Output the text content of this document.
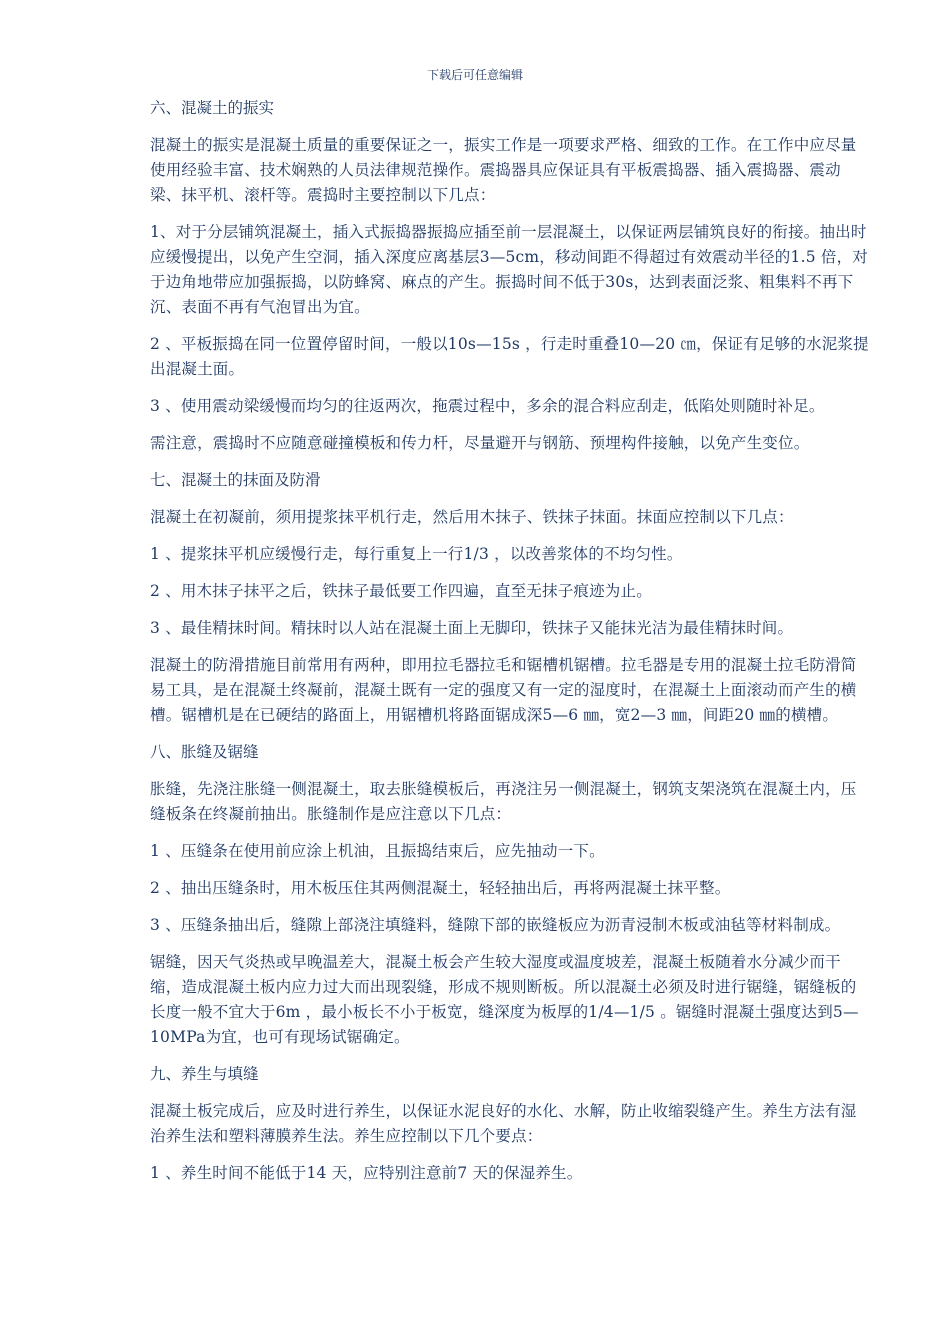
下载后可任意编辑

六、混凝土的振实

混凝土的振实是混凝土质量的重要保证之一，振实工作是一项要求严格、细致的工作。在工作中应尽量使用经验丰富、技术娴熟的人员法律规范操作。震捣器具应保证具有平板震捣器、插入震捣器、震动梁、抹平机、滚杆等。震捣时主要控制以下几点：

1、对于分层铺筑混凝土，插入式振捣器振捣应插至前一层混凝土，以保证两层铺筑良好的衔接。抽出时应缓慢提出，以免产生空洞，插入深度应离基层3—5cm，移动间距不得超过有效震动半径的1.5 倍，对于边角地带应加强振捣，以防蜂窝、麻点的产生。振捣时间不低于30s，达到表面泛浆、粗集料不再下沉、表面不再有气泡冒出为宜。

2 、平板振捣在同一位置停留时间，一般以10s—15s ，行走时重叠10—20 ㎝，保证有足够的水泥浆提出混凝土面。

3 、使用震动梁缓慢而均匀的往返两次，拖震过程中，多余的混合料应刮走，低陷处则随时补足。

需注意，震捣时不应随意碰撞模板和传力杆，尽量避开与钢筋、预埋构件接触，以免产生变位。

七、混凝土的抹面及防滑

混凝土在初凝前，须用提浆抹平机行走，然后用木抹子、铁抹子抹面。抹面应控制以下几点：

1 、提浆抹平机应缓慢行走，每行重复上一行1/3 ，以改善浆体的不均匀性。

2 、用木抹子抹平之后，铁抹子最低要工作四遍，直至无抹子痕迹为止。

3 、最佳精抹时间。精抹时以人站在混凝土面上无脚印，铁抹子又能抹光洁为最佳精抹时间。

混凝土的防滑措施目前常用有两种，即用拉毛器拉毛和锯槽机锯槽。拉毛器是专用的混凝土拉毛防滑简易工具，是在混凝土终凝前，混凝土既有一定的强度又有一定的湿度时，在混凝土上面滚动而产生的横槽。锯槽机是在已硬结的路面上，用锯槽机将路面锯成深5—6 ㎜，宽2—3 ㎜，间距20 ㎜的横槽。

八、胀缝及锯缝

胀缝，先浇注胀缝一侧混凝土，取去胀缝模板后，再浇注另一侧混凝土，钢筑支架浇筑在混凝土内，压缝板条在终凝前抽出。胀缝制作是应注意以下几点：

1 、压缝条在使用前应涂上机油，且振捣结束后，应先抽动一下。

2 、抽出压缝条时，用木板压住其两侧混凝土，轻轻抽出后，再将两混凝土抹平整。

3 、压缝条抽出后，缝隙上部浇注填缝料，缝隙下部的嵌缝板应为沥青浸制木板或油毡等材料制成。

锯缝，因天气炎热或早晚温差大，混凝土板会产生较大湿度或温度坡差，混凝土板随着水分减少而干缩，造成混凝土板内应力过大而出现裂缝，形成不规则断板。所以混凝土必须及时进行锯缝，锯缝板的长度一般不宜大于6m ，最小板长不小于板宽，缝深度为板厚的1/4—1/5 。锯缝时混凝土强度达到5—10MPa为宜，也可有现场试锯确定。

九、养生与填缝

混凝土板完成后，应及时进行养生，以保证水泥良好的水化、水解，防止收缩裂缝产生。养生方法有湿治养生法和塑料薄膜养生法。养生应控制以下几个要点：

1 、养生时间不能低于14 天，应特别注意前7 天的保湿养生。
